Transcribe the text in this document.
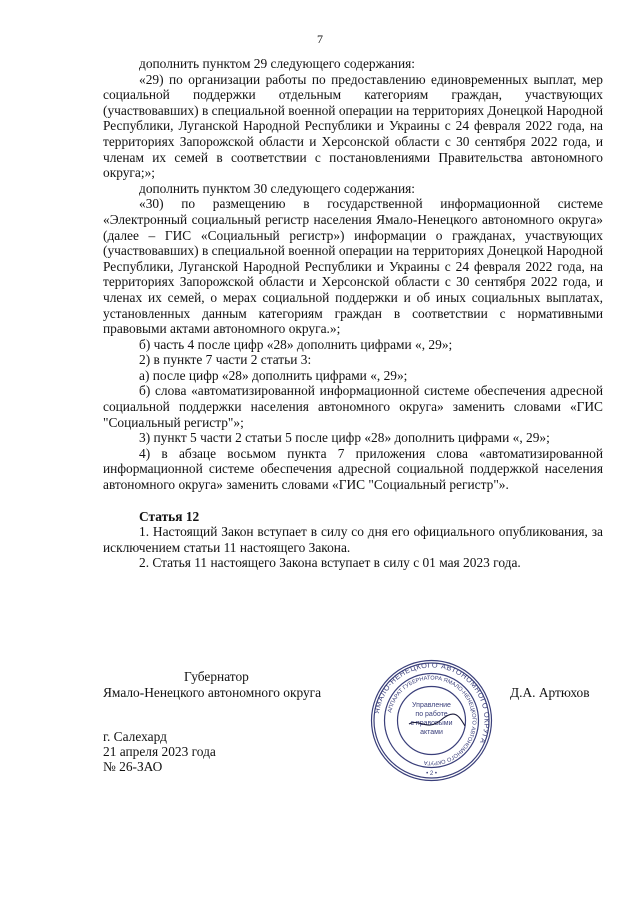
7

дополнить пунктом 29 следующего содержания:

«29) по организации работы по предоставлению единовременных выплат, мер социальной поддержки отдельным категориям граждан, участвующих (участвовавших) в специальной военной операции на территориях Донецкой Народной Республики, Луганской Народной Республики и Украины с 24 февраля 2022 года, на территориях Запорожской области и Херсонской области с 30 сентября 2022 года, и членам их семей в соответствии с постановлениями Правительства автономного округа;»;

дополнить пунктом 30 следующего содержания:

«30) по размещению в государственной информационной системе «Электронный социальный регистр населения Ямало-Ненецкого автономного округа» (далее – ГИС «Социальный регистр») информации о гражданах, участвующих (участвовавших) в специальной военной операции на территориях Донецкой Народной Республики, Луганской Народной Республики и Украины с 24 февраля 2022 года, на территориях Запорожской области и Херсонской области с 30 сентября 2022 года, и членах их семей, о мерах социальной поддержки и об иных социальных выплатах, установленных данным категориям граждан в соответствии с нормативными правовыми актами автономного округа.»;

б) часть 4 после цифр «28» дополнить цифрами «, 29»;

2) в пункте 7 части 2 статьи 3:

а) после цифр «28» дополнить цифрами «, 29»;

б) слова «автоматизированной информационной системе обеспечения адресной социальной поддержки населения автономного округа» заменить словами «ГИС "Социальный регистр"»;

3) пункт 5 части 2 статьи 5 после цифр «28» дополнить цифрами «, 29»;

4) в абзаце восьмом пункта 7 приложения слова «автоматизированной информационной системе обеспечения адресной социальной поддержкой населения автономного округа» заменить словами «ГИС "Социальный регистр"».

Статья 12

1. Настоящий Закон вступает в силу со дня его официального опубликования, за исключением статьи 11 настоящего Закона.

2. Статья 11 настоящего Закона вступает в силу с 01 мая 2023 года.

Губернатор
Ямало-Ненецкого автономного округа	Д.А. Артюхов
ЯМАЛО-НЕНЕЦКОГО АВТОНОМНОГО ОКРУГА
АППАРАТ ГУБЕРНАТОРА ЯМАЛО-НЕНЕЦКОГО АВТОНОМНОГО ОКРУГА
Управление
по работе
с правовыми
актами
• 2 •
г. Салехард
21 апреля 2023 года
№ 26-ЗАО
